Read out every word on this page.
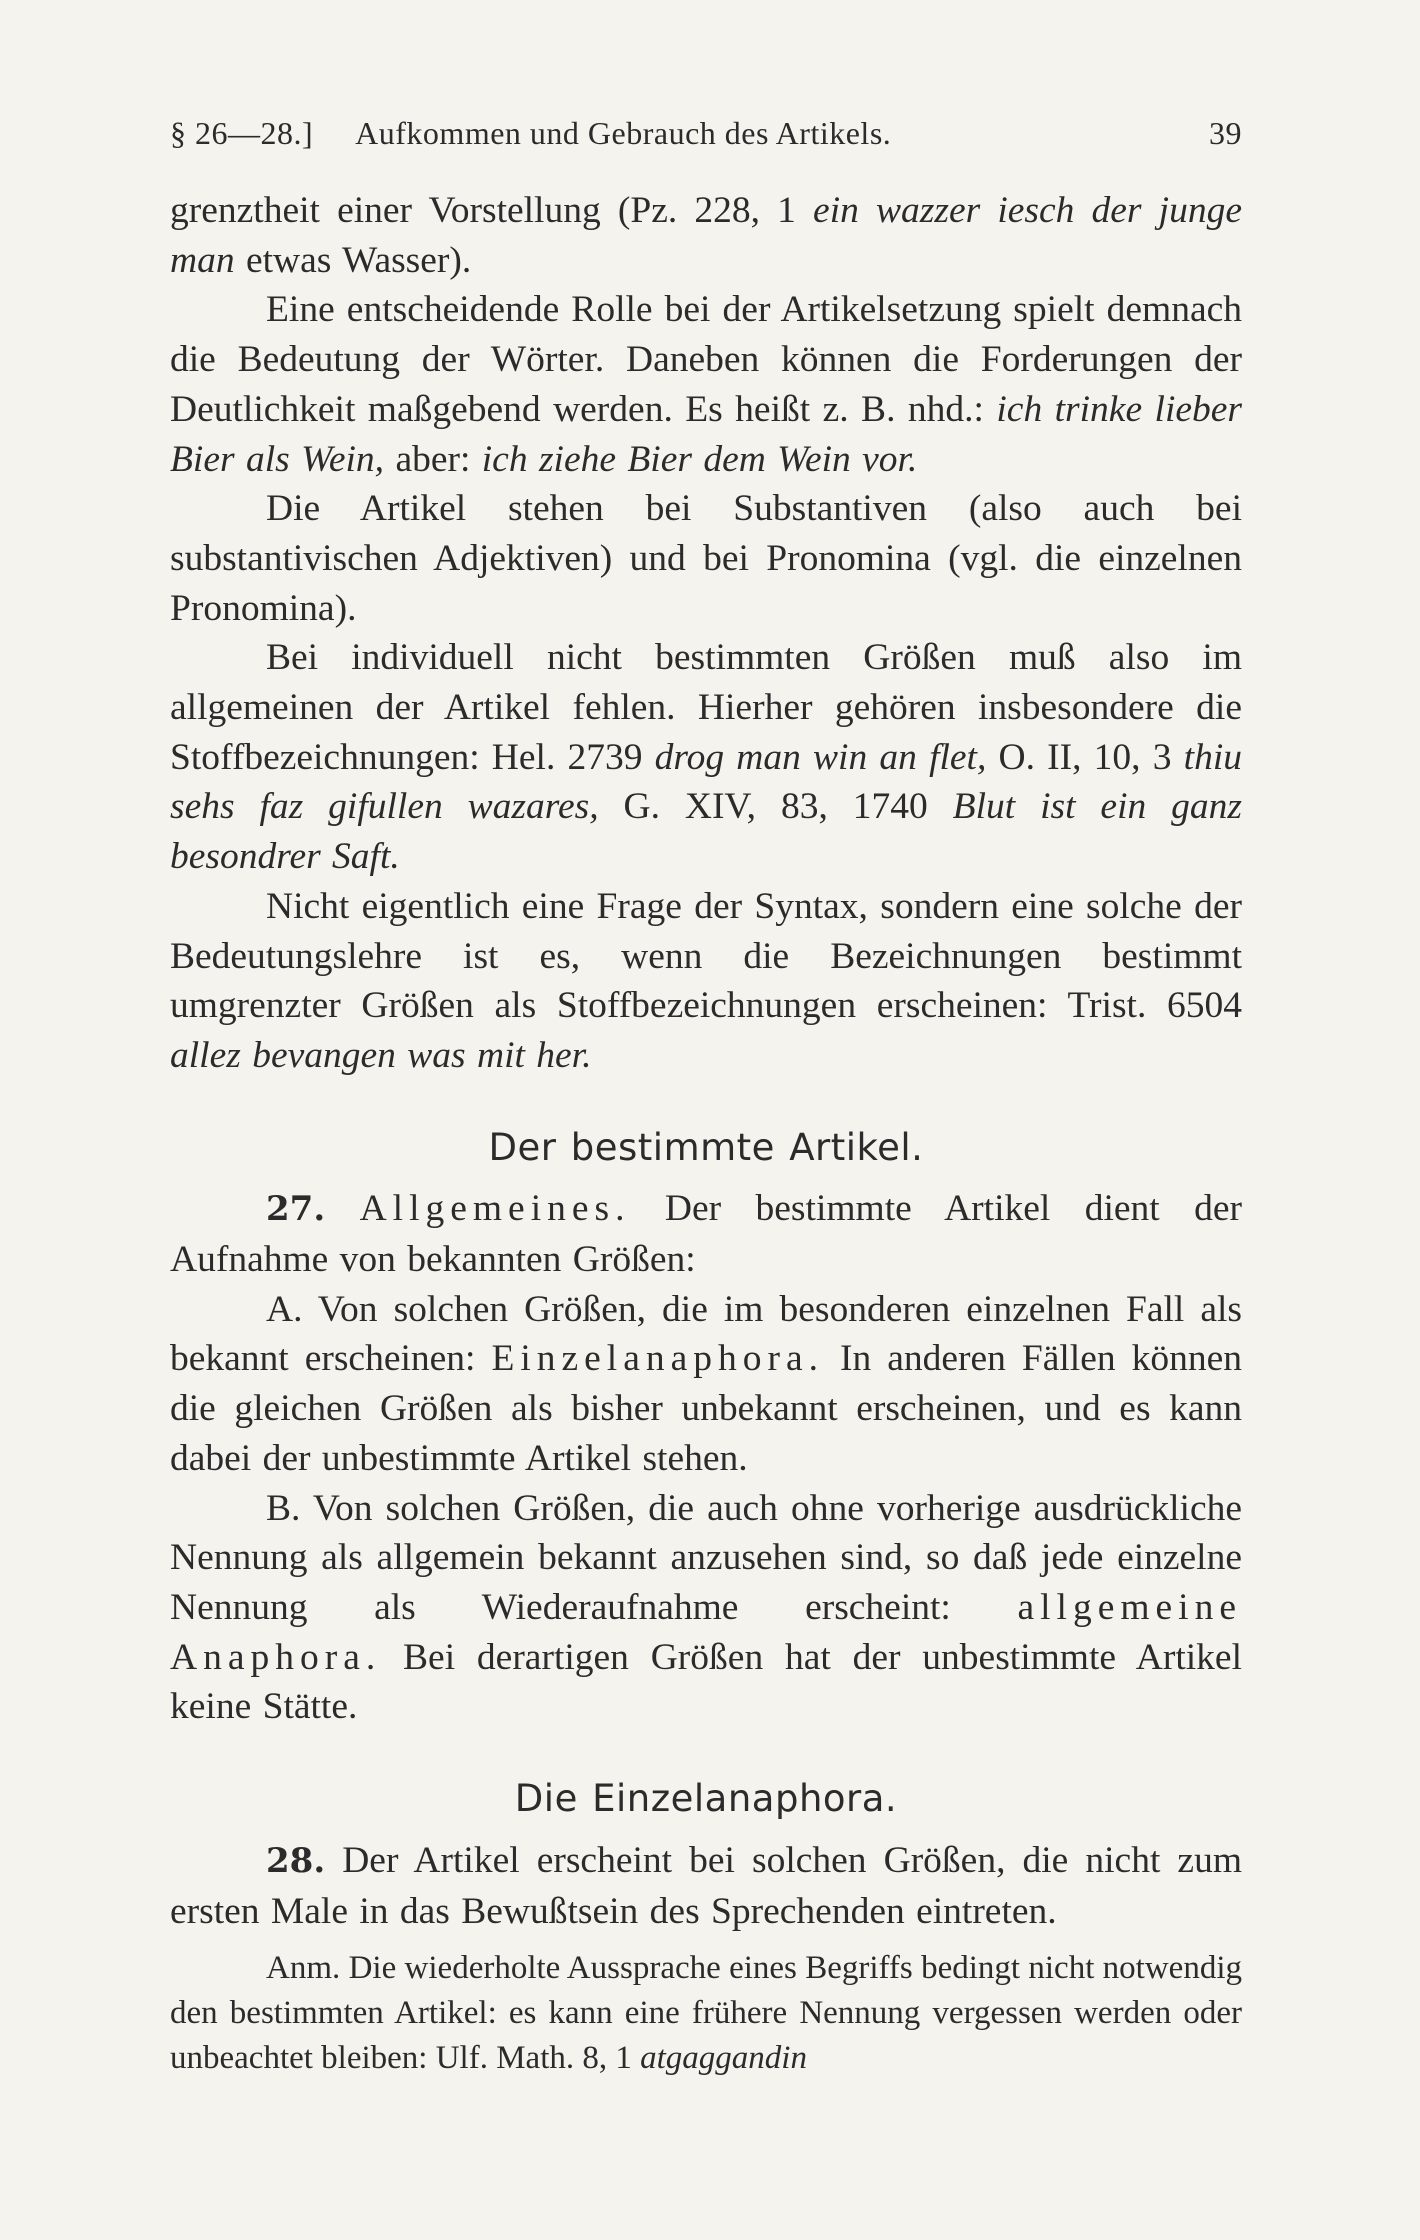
§ 26—28.] Aufkommen und Gebrauch des Artikels.	39

grenztheit einer Vorstellung (Pz. 228, 1 ein wazzer iesch der junge man etwas Wasser).

Eine entscheidende Rolle bei der Artikelsetzung spielt demnach die Bedeutung der Wörter. Daneben können die Forderungen der Deutlichkeit maßgebend werden. Es heißt z. B. nhd.: ich trinke lieber Bier als Wein, aber: ich ziehe Bier dem Wein vor.

Die Artikel stehen bei Substantiven (also auch bei substantivischen Adjektiven) und bei Pronomina (vgl. die einzelnen Pronomina).

Bei individuell nicht bestimmten Größen muß also im allgemeinen der Artikel fehlen. Hierher gehören insbesondere die Stoffbezeichnungen: Hel. 2739 drog man win an flet, O. II, 10, 3 thiu sehs faz gifullen wazares, G. XIV, 83, 1740 Blut ist ein ganz besondrer Saft.

Nicht eigentlich eine Frage der Syntax, sondern eine solche der Bedeutungslehre ist es, wenn die Bezeichnungen bestimmt umgrenzter Größen als Stoffbezeichnungen erscheinen: Trist. 6504 allez bevangen was mit her.

Der bestimmte Artikel.

27. Allgemeines. Der bestimmte Artikel dient der Aufnahme von bekannten Größen:

A. Von solchen Größen, die im besonderen einzelnen Fall als bekannt erscheinen: Einzelanaphora. In anderen Fällen können die gleichen Größen als bisher unbekannt erscheinen, und es kann dabei der unbestimmte Artikel stehen.

B. Von solchen Größen, die auch ohne vorherige ausdrückliche Nennung als allgemein bekannt anzusehen sind, so daß jede einzelne Nennung als Wiederaufnahme erscheint: allgemeine Anaphora. Bei derartigen Größen hat der unbestimmte Artikel keine Stätte.

Die Einzelanaphora.

28. Der Artikel erscheint bei solchen Größen, die nicht zum ersten Male in das Bewußtsein des Sprechenden eintreten.

Anm. Die wiederholte Aussprache eines Begriffs bedingt nicht notwendig den bestimmten Artikel: es kann eine frühere Nennung vergessen werden oder unbeachtet bleiben: Ulf. Math. 8, 1 atgaggandin
